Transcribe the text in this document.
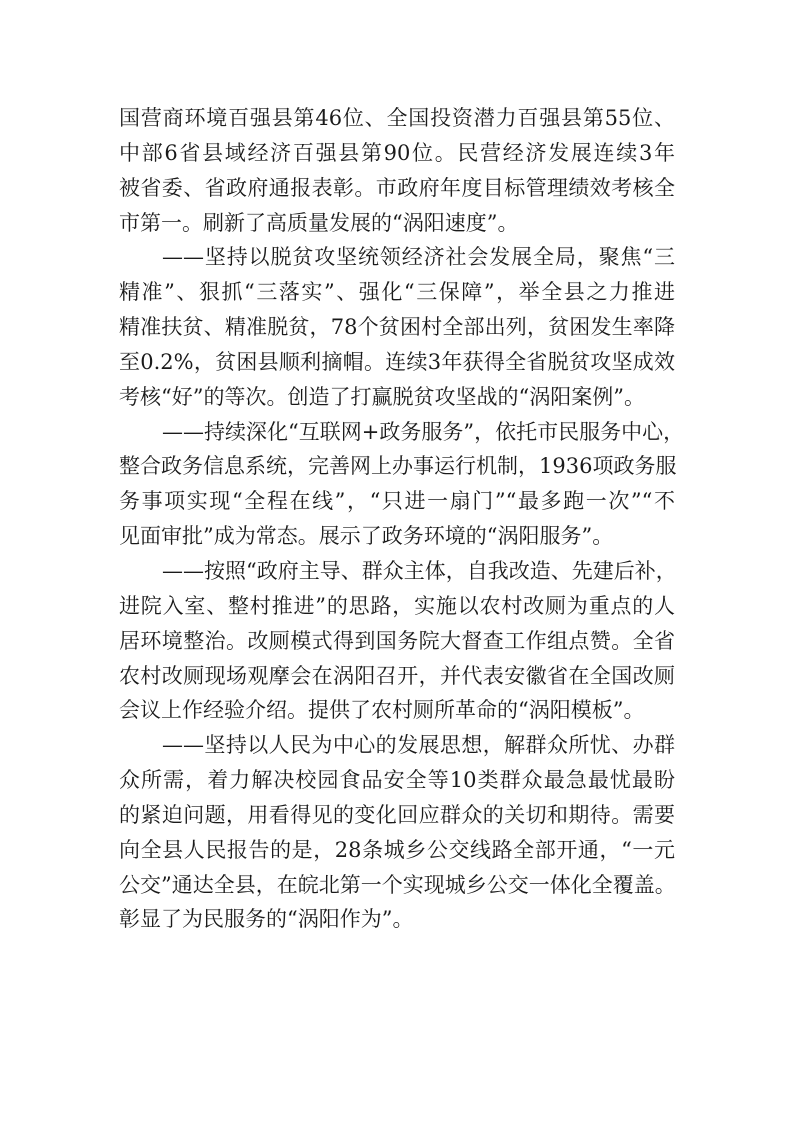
国营商环境百强县第46位、全国投资潜力百强县第55位、
中部6省县域经济百强县第90位。民营经济发展连续3年
被省委、省政府通报表彰。市政府年度目标管理绩效考核全
市第一。刷新了高质量发展的“涡阳速度”。
——坚持以脱贫攻坚统领经济社会发展全局，聚焦“三
精准”、狠抓“三落实”、强化“三保障”，举全县之力推进
精准扶贫、精准脱贫，78个贫困村全部出列，贫困发生率降
至0.2%，贫困县顺利摘帽。连续3年获得全省脱贫攻坚成效
考核“好”的等次。创造了打赢脱贫攻坚战的“涡阳案例”。
——持续深化“互联网+政务服务”，依托市民服务中心，
整合政务信息系统，完善网上办事运行机制，1936项政务服
务事项实现“全程在线”，“只进一扇门”“最多跑一次”“不
见面审批”成为常态。展示了政务环境的“涡阳服务”。
——按照“政府主导、群众主体，自我改造、先建后补，
进院入室、整村推进”的思路，实施以农村改厕为重点的人
居环境整治。改厕模式得到国务院大督查工作组点赞。全省
农村改厕现场观摩会在涡阳召开，并代表安徽省在全国改厕
会议上作经验介绍。提供了农村厕所革命的“涡阳模板”。
——坚持以人民为中心的发展思想，解群众所忧、办群
众所需，着力解决校园食品安全等10类群众最急最忧最盼
的紧迫问题，用看得见的变化回应群众的关切和期待。需要
向全县人民报告的是，28条城乡公交线路全部开通，“一元
公交”通达全县，在皖北第一个实现城乡公交一体化全覆盖。
彰显了为民服务的“涡阳作为”。
